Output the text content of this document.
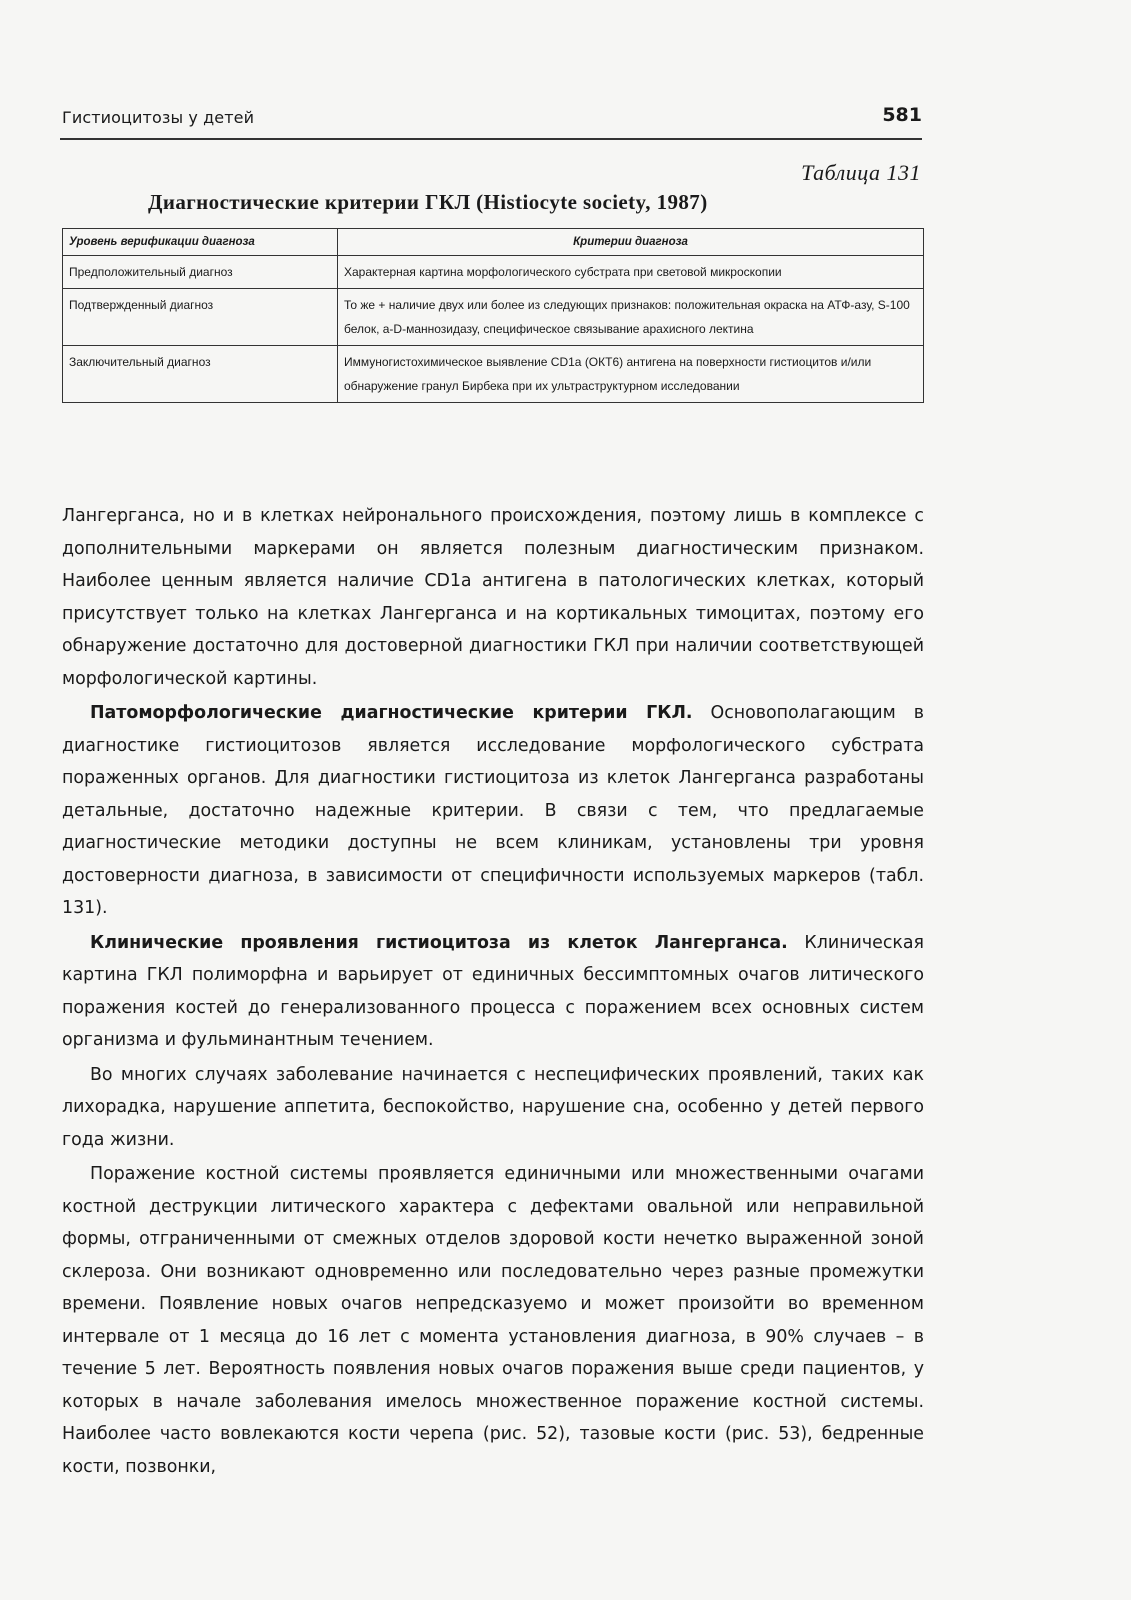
Гистиоцитозы у детей	581
Таблица 131
Диагностические критерии ГКЛ (Histiocyte society, 1987)
Уровень верификации диагноза	Критерии диагноза
Предположительный диагноз	Характерная картина морфологического субстрата при световой микроскопии
Подтвержденный диагноз	То же + наличие двух или более из следующих признаков: положительная окраска на АТФ-азу, S-100 белок, a-D-маннозидазу, специфическое связывание арахисного лектина
Заключительный диагноз	Иммуногистохимическое выявление CD1a (ОКТ6) антигена на поверхности гистиоцитов и/или обнаружение гранул Бирбека при их ультраструктурном исследовании

Лангерганса, но и в клетках нейронального происхождения, поэтому лишь в комплексе с дополнительными маркерами он является полезным диагностическим признаком. Наиболее ценным является наличие CD1a антигена в патологических клетках, который присутствует только на клетках Лангерганса и на кортикальных тимоцитах, поэтому его обнаружение достаточно для достоверной диагностики ГКЛ при наличии соответствующей морфологической картины.

Патоморфологические диагностические критерии ГКЛ. Основополагающим в диагностике гистиоцитозов является исследование морфологического субстрата пораженных органов. Для диагностики гистиоцитоза из клеток Лангерганса разработаны детальные, достаточно надежные критерии. В связи с тем, что предлагаемые диагностические методики доступны не всем клиникам, установлены три уровня достоверности диагноза, в зависимости от специфичности используемых маркеров (табл. 131).

Клинические проявления гистиоцитоза из клеток Лангерганса. Клиническая картина ГКЛ полиморфна и варьирует от единичных бессимптомных очагов литического поражения костей до генерализованного процесса с поражением всех основных систем организма и фульминантным течением.

Во многих случаях заболевание начинается с неспецифических проявлений, таких как лихорадка, нарушение аппетита, беспокойство, нарушение сна, особенно у детей первого года жизни.

Поражение костной системы проявляется единичными или множественными очагами костной деструкции литического характера с дефектами овальной или неправильной формы, отграниченными от смежных отделов здоровой кости нечетко выраженной зоной склероза. Они возникают одновременно или последовательно через разные промежутки времени. Появление новых очагов непредсказуемо и может произойти во временном интервале от 1 месяца до 16 лет с момента установления диагноза, в 90% случаев – в течение 5 лет. Вероятность появления новых очагов поражения выше среди пациентов, у которых в начале заболевания имелось множественное поражение костной системы. Наиболее часто вовлекаются кости черепа (рис. 52), тазовые кости (рис. 53), бедренные кости, позвонки,
